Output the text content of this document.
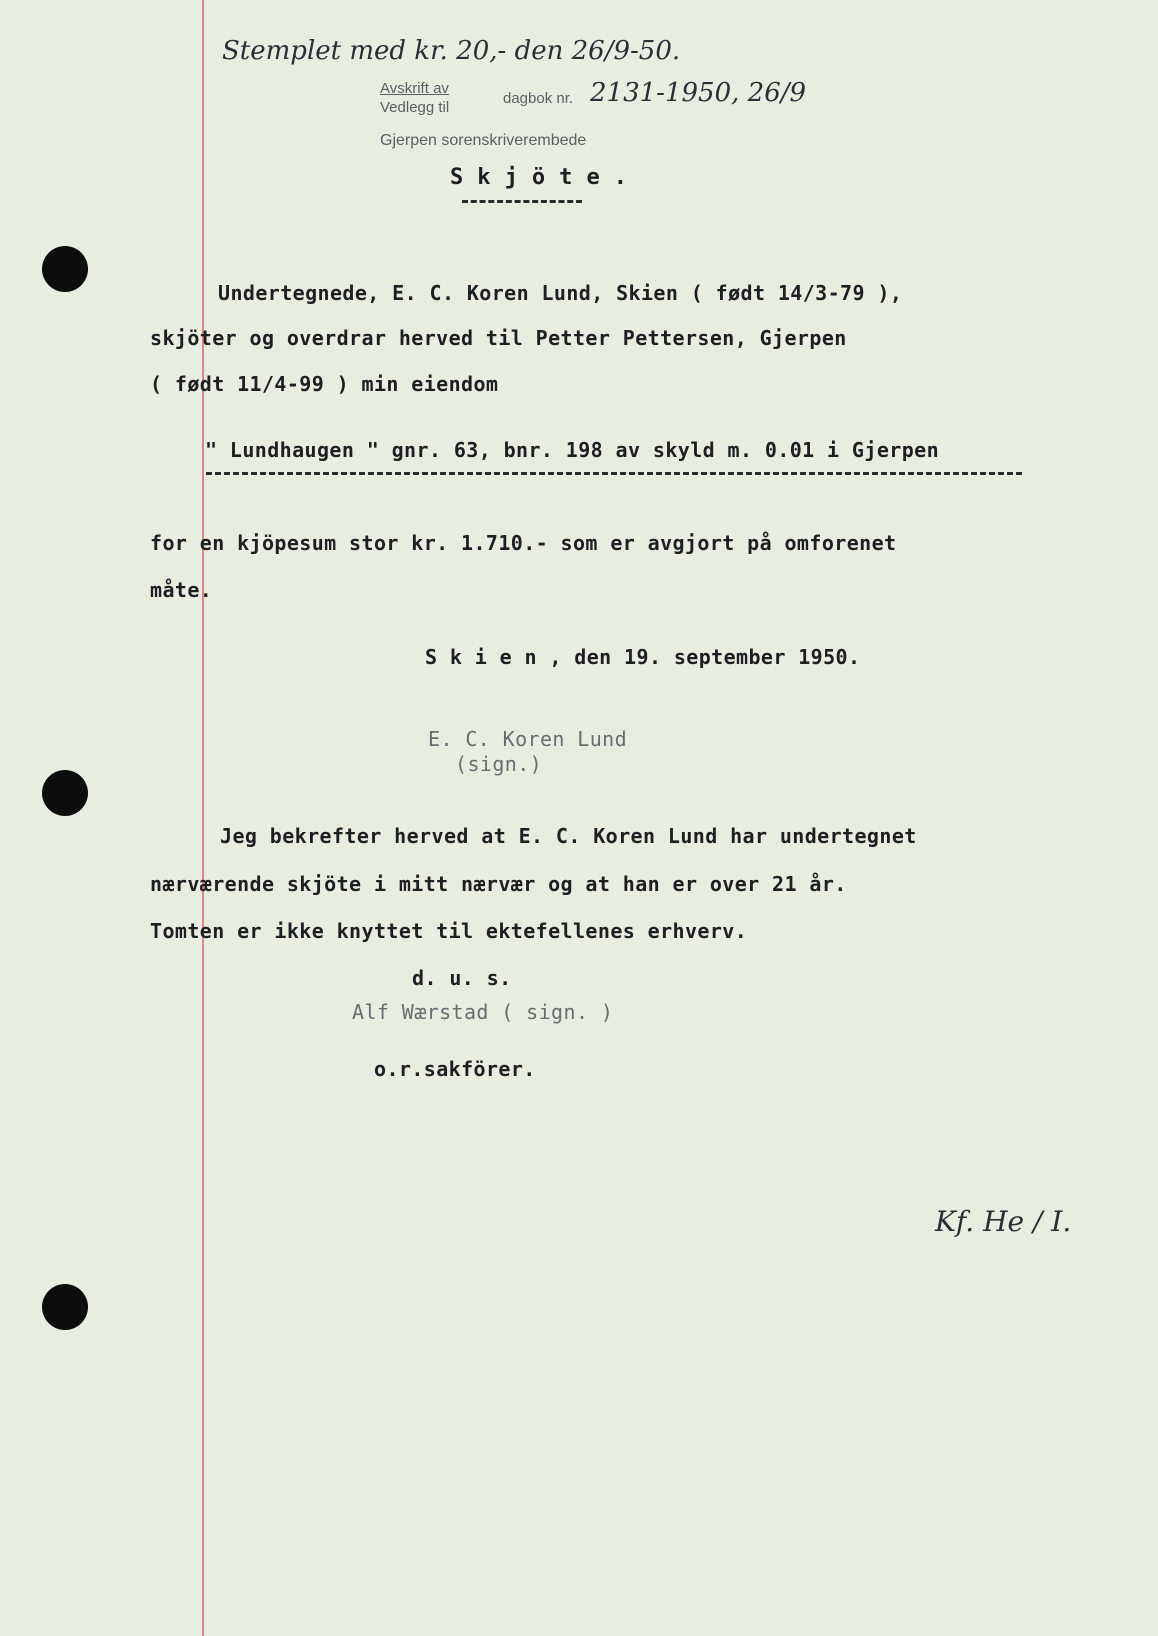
Stemplet med kr. 20,- den 26/9-50.
Avskrift av
Vedlegg til
dagbok nr. 2131-1950, 26/9
Gjerpen sorenskriverembede
S k j ö t e .
Undertegnede, E. C. Koren Lund, Skien ( født 14/3-79 ),
skjöter og overdrar herved til Petter Pettersen, Gjerpen
( født 11/4-99 ) min eiendom
" Lundhaugen " gnr. 63, bnr. 198 av skyld m. 0.01 i Gjerpen
for en kjöpesum stor kr. 1.710.- som er avgjort på omforenet
måte.
S k i e n , den 19. september 1950.
E. C. Koren Lund
(sign.)
Jeg bekrefter herved at E. C. Koren Lund har undertegnet
nærværende skjöte i mitt nærvær og at han er over 21 år.
Tomten er ikke knyttet til ektefellenes erhverv.
d. u. s.
Alf Wærstad ( sign. )
o.r.sakförer.
Kf. He / I.
